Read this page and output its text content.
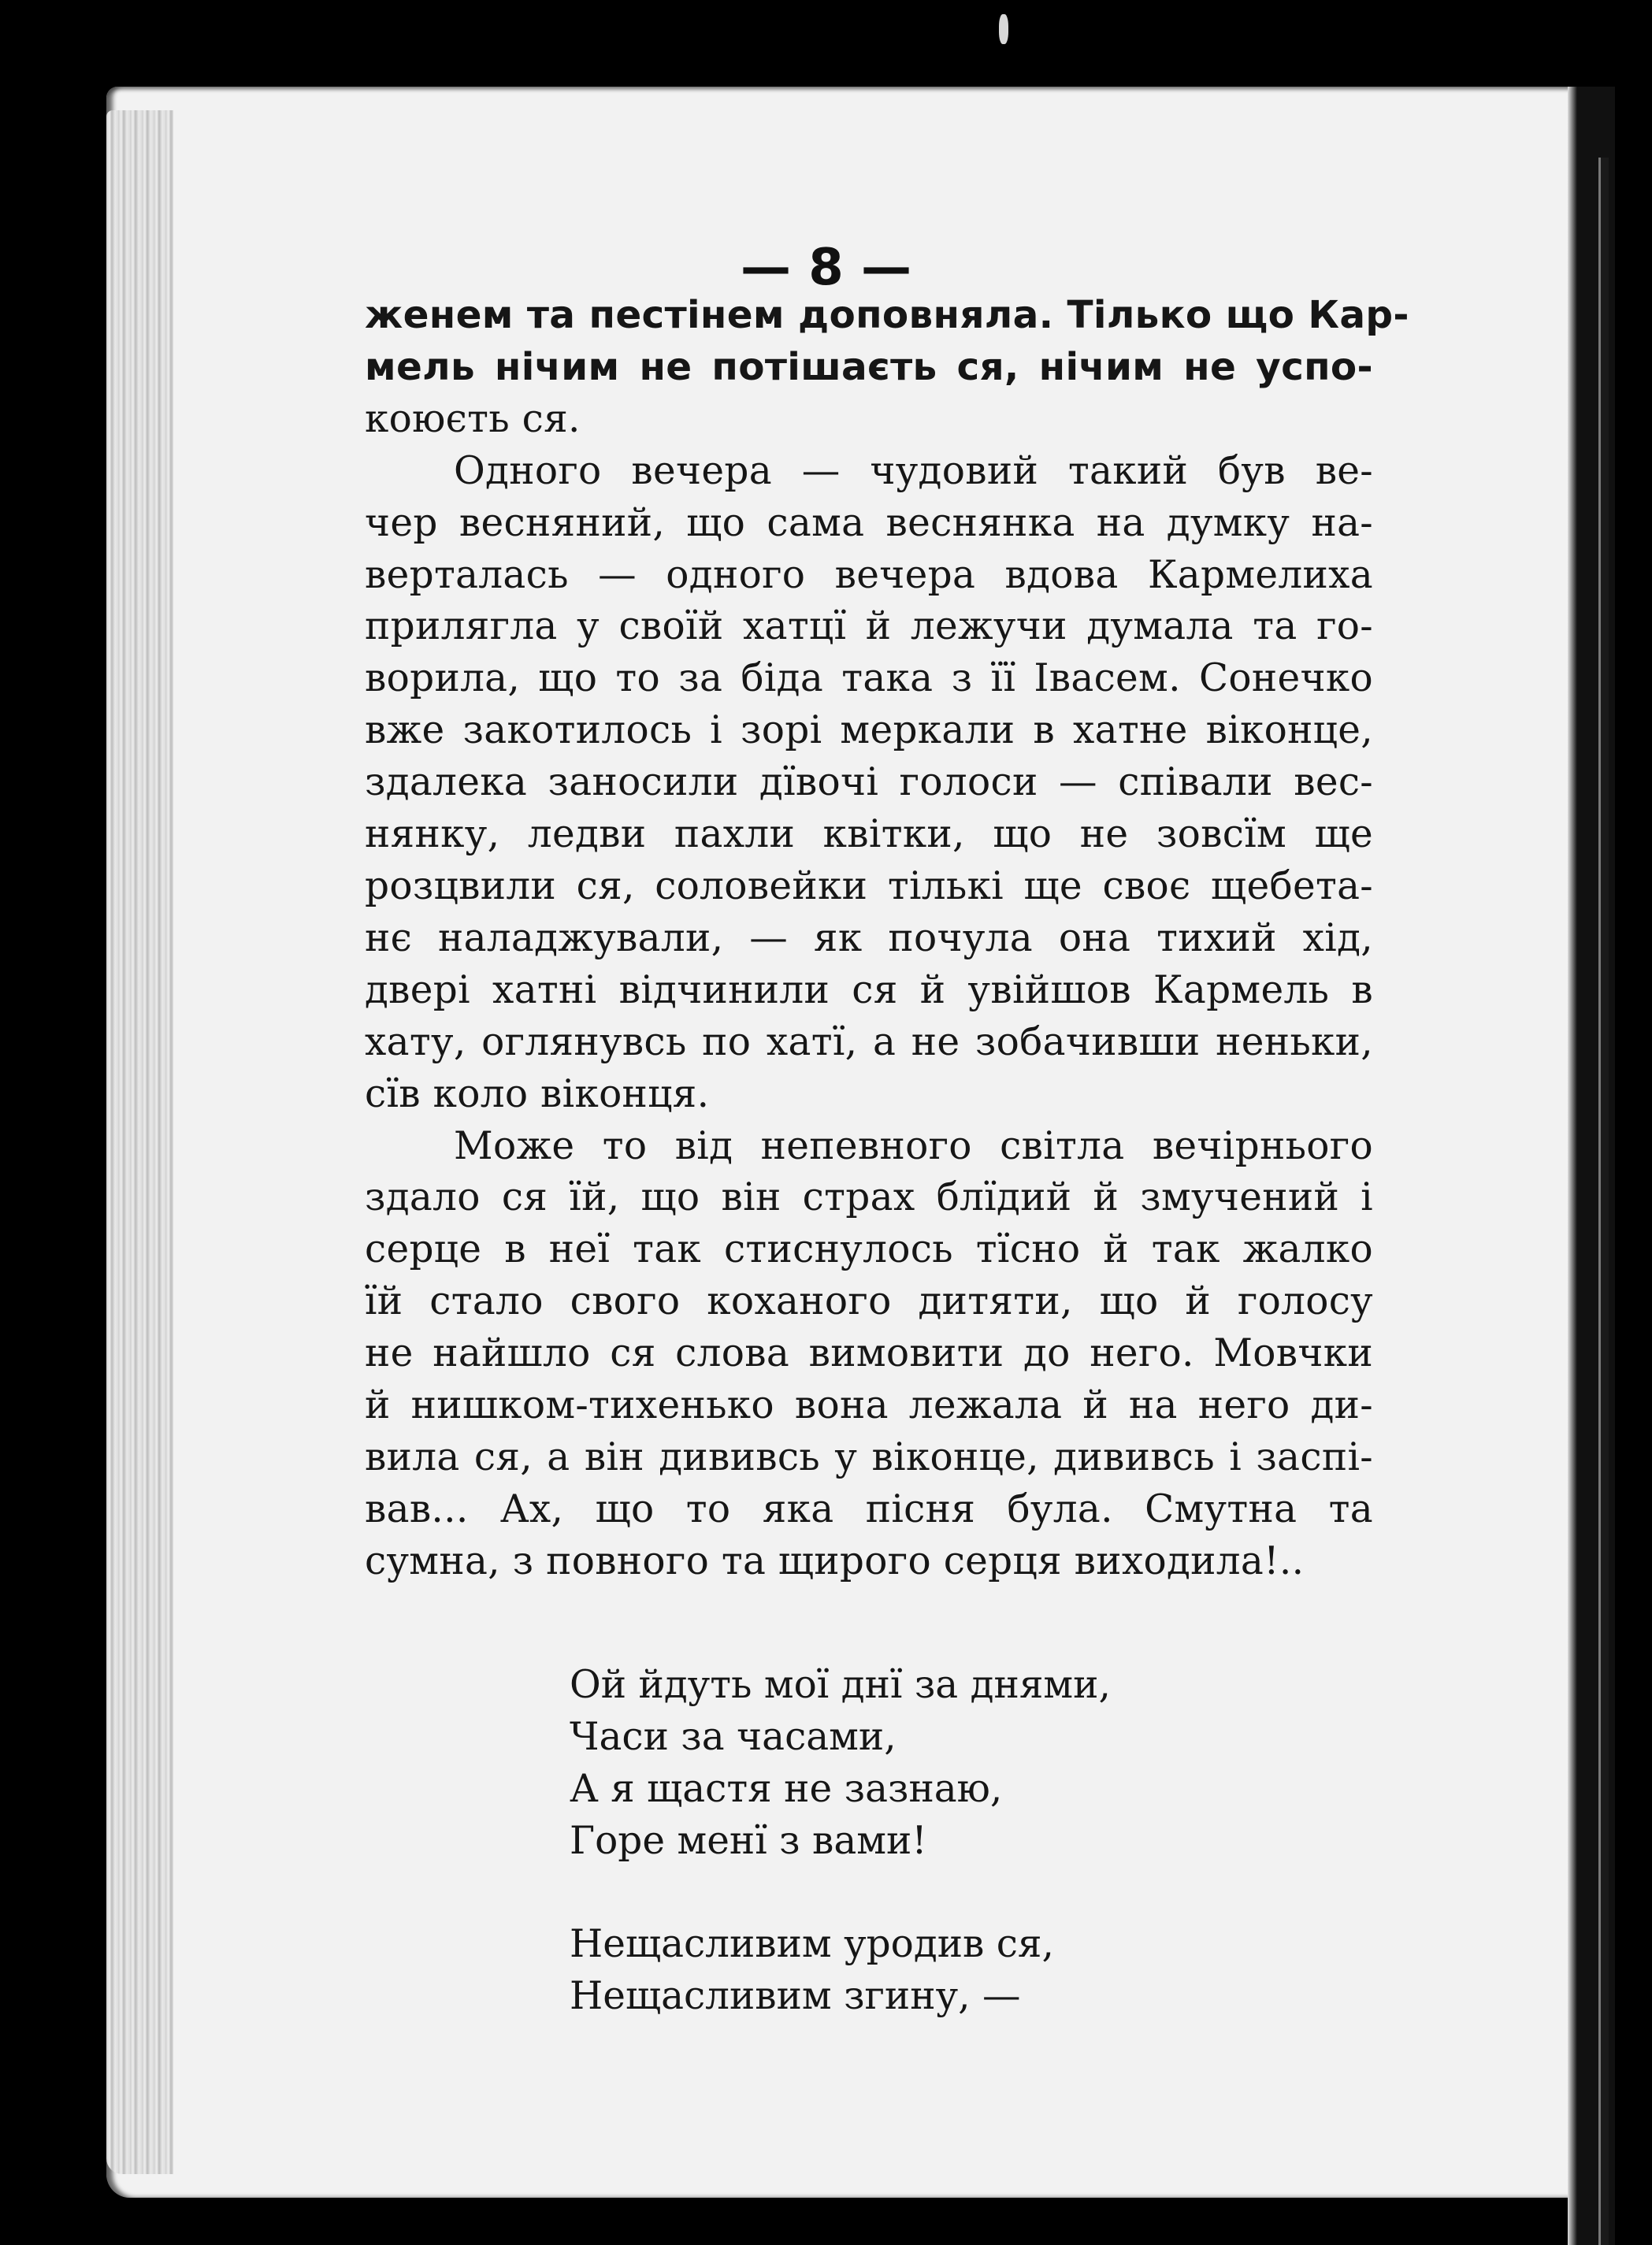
— 8 —
женем та пестінем доповняла. Тілько що Кар-
мель нічим не потішаєть ся, нічим не успо-
коюєть ся.
Одного вечера — чудовий такий був ве-
чер весняний, що сама веснянка на думку на-
верталась — одного вечера вдова Кармелиха
прилягла у своїй хатцї й лежучи думала та го-
ворила, що то за біда така з її Івасем. Сонечко
вже закотилось і зорі меркали в хатне віконце,
здалека заносили дївочі голоси — співали вес-
нянку, ледви пахли квітки, що не зовсїм ще
розцвили ся, соловейки тількі ще своє щебета-
нє наладжували, — як почула она тихий хід,
двері хатні відчинили ся й увійшов Кармель в
хату, оглянувсь по хатї, а не зобачивши неньки,
сїв коло віконця.
Може то від непевного світла вечірнього
здало ся їй, що він страх блїдий й змучений і
серце в неї так стиснулось тїсно й так жалко
їй стало свого коханого дитяти, що й голосу
не найшло ся слова вимовити до него. Мовчки
й нишком-тихенько вона лежала й на него ди-
вила ся, а він дививсь у віконце, дививсь і заспі-
вав... Ах, що то яка пісня була. Смутна та
сумна, з повного та щирого серця виходила!..
Ой йдуть мої днї за днями,
Часи за часами,
А я щастя не зазнаю,
Горе менї з вами!
Нещасливим уродив ся,
Нещасливим згину, —
